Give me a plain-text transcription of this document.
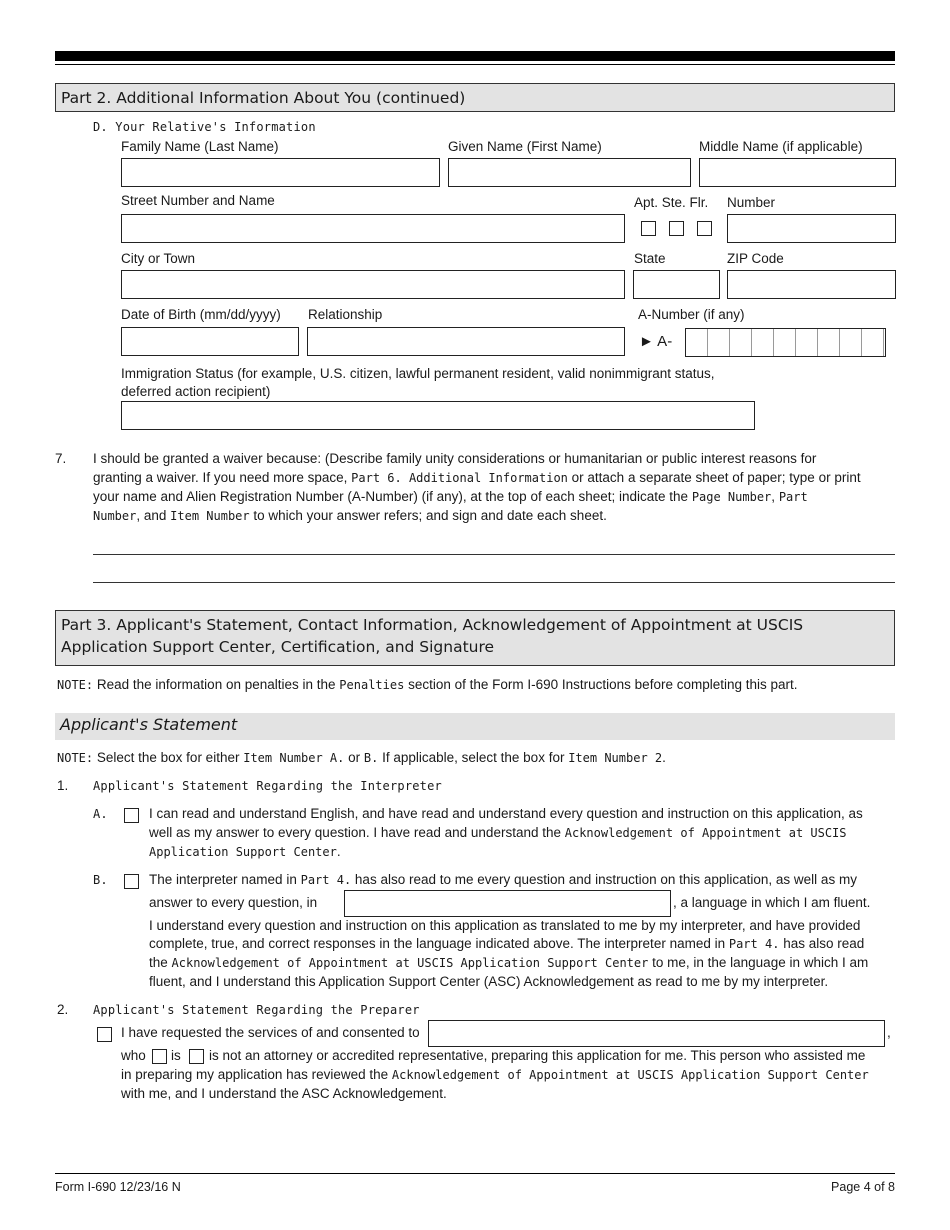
Part 2. Additional Information About You (continued)
D. Your Relative's Information
Family Name (Last Name)	Given Name (First Name)	Middle Name (if applicable)
Street Number and Name	Apt. Ste. Flr. Number
City or Town	State	ZIP Code
Date of Birth (mm/dd/yyyy) Relationship	A-Number (if any)
► A-
Immigration Status (for example, U.S. citizen, lawful permanent resident, valid nonimmigrant status,
deferred action recipient)
7. I should be granted a waiver because: (Describe family unity considerations or humanitarian or public interest reasons for
granting a waiver. If you need more space, Part 6. Additional Information or attach a separate sheet of paper; type or print
your name and Alien Registration Number (A-Number) (if any), at the top of each sheet; indicate the Page Number, Part
Number, and Item Number to which your answer refers; and sign and date each sheet.
Part 3. Applicant's Statement, Contact Information, Acknowledgement of Appointment at USCIS
Application Support Center, Certification, and Signature
NOTE: Read the information on penalties in the Penalties section of the Form I-690 Instructions before completing this part.
Applicant's Statement
NOTE: Select the box for either Item Number A. or B. If applicable, select the box for Item Number 2.
1. Applicant's Statement Regarding the Interpreter
A.	I can read and understand English, and have read and understand every question and instruction on this application, as
well as my answer to every question. I have read and understand the Acknowledgement of Appointment at USCIS
Application Support Center.
B.	The interpreter named in Part 4. has also read to me every question and instruction on this application, as well as my
answer to every question, in	, a language in which I am fluent.
I understand every question and instruction on this application as translated to me by my interpreter, and have provided
complete, true, and correct responses in the language indicated above. The interpreter named in Part 4. has also read
the Acknowledgement of Appointment at USCIS Application Support Center to me, in the language in which I am
fluent, and I understand this Application Support Center (ASC) Acknowledgement as read to me by my interpreter.
2. Applicant's Statement Regarding the Preparer
I have requested the services of and consented to	,
who is is not an attorney or accredited representative, preparing this application for me. This person who assisted me
in preparing my application has reviewed the Acknowledgement of Appointment at USCIS Application Support Center
with me, and I understand the ASC Acknowledgement.
Form I-690 12/23/16 N	Page 4 of 8
